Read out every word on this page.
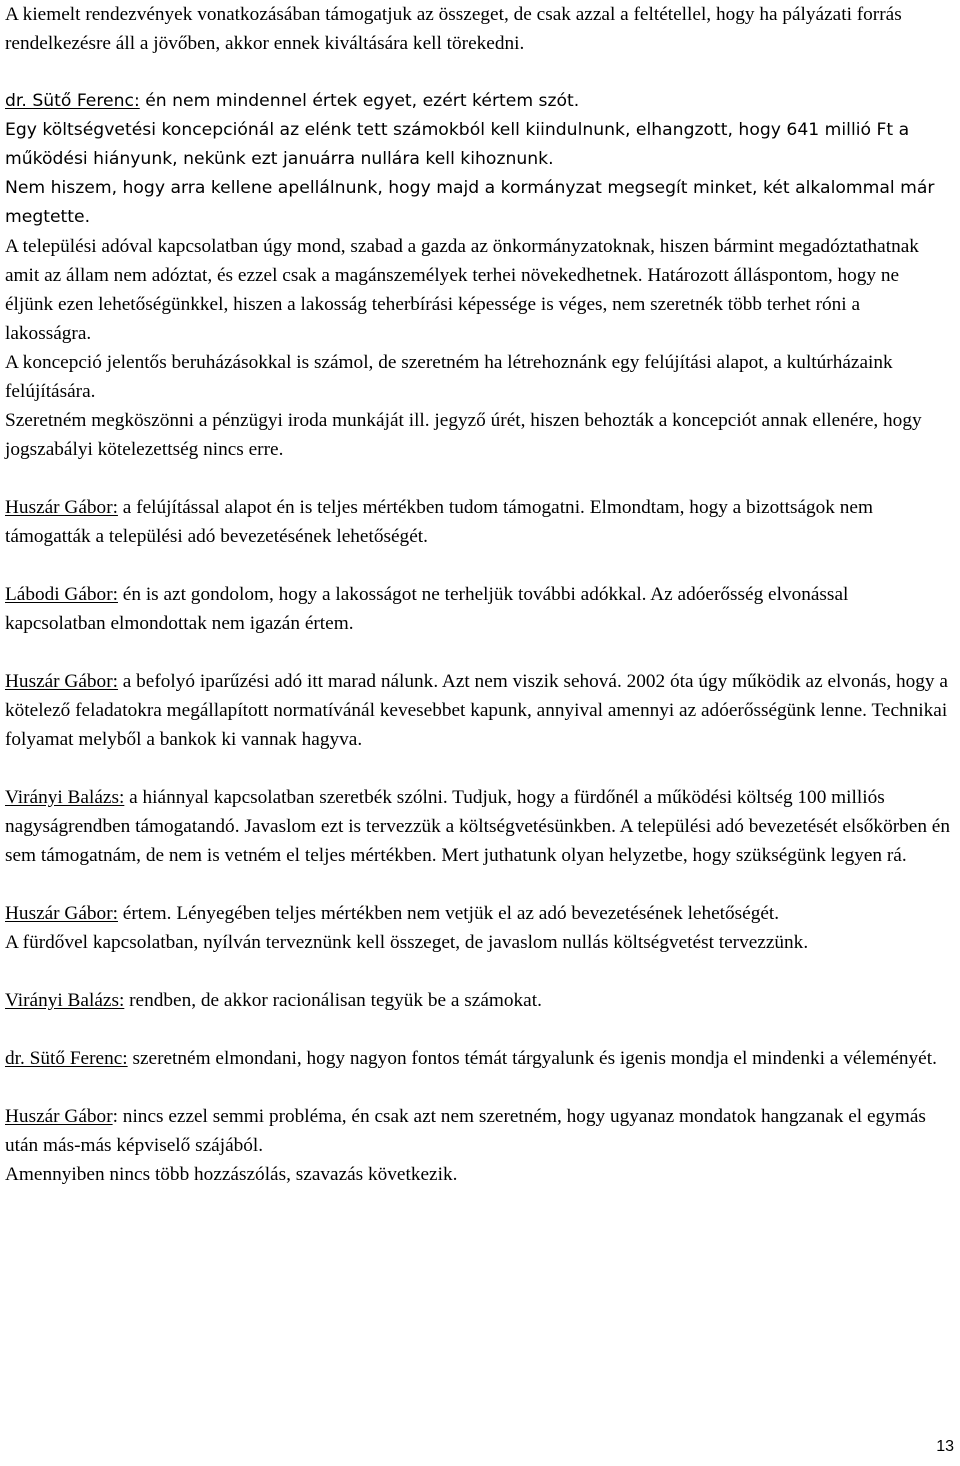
A kiemelt rendezvények vonatkozásában támogatjuk az összeget, de csak azzal a feltétellel, hogy ha pályázati forrás rendelkezésre áll a jövőben, akkor ennek kiváltására kell törekedni.

dr. Sütő Ferenc: én nem mindennel értek egyet, ezért kértem szót.

Egy költségvetési koncepciónál az elénk tett számokból kell kiindulnunk, elhangzott, hogy 641 millió Ft a működési hiányunk, nekünk ezt januárra nullára kell kihoznunk.

Nem hiszem, hogy arra kellene apellálnunk, hogy majd a kormányzat megsegít minket, két alkalommal már megtette.

A települési adóval kapcsolatban úgy mond, szabad a gazda az önkormányzatoknak, hiszen bármint megadóztathatnak amit az állam nem adóztat, és ezzel csak a magánszemélyek terhei növekedhetnek. Határozott álláspontom, hogy ne éljünk ezen lehetőségünkkel, hiszen a lakosság teherbírási képessége is véges, nem szeretnék több terhet róni a lakosságra.

A koncepció jelentős beruházásokkal is számol, de szeretném ha létrehoznánk egy felújítási alapot, a kultúrházaink felújítására.

Szeretném megköszönni a pénzügyi iroda munkáját ill. jegyző úrét, hiszen behozták a koncepciót annak ellenére, hogy jogszabályi kötelezettség nincs erre.

Huszár Gábor: a felújítással alapot én is teljes mértékben tudom támogatni. Elmondtam, hogy a bizottságok nem támogatták a települési adó bevezetésének lehetőségét.

Lábodi Gábor: én is azt gondolom, hogy a lakosságot ne terheljük további adókkal. Az adóerősség elvonással kapcsolatban elmondottak nem igazán értem.

Huszár Gábor: a befolyó iparűzési adó itt marad nálunk. Azt nem viszik sehová. 2002 óta úgy működik az elvonás, hogy a kötelező feladatokra megállapított normatívánál kevesebbet kapunk, annyival amennyi az adóerősségünk lenne. Technikai folyamat melyből a bankok ki vannak hagyva.

Virányi Balázs: a hiánnyal kapcsolatban szeretbék szólni. Tudjuk, hogy a fürdőnél a működési költség 100 milliós nagyságrendben támogatandó. Javaslom ezt is tervezzük a költségvetésünkben. A települési adó bevezetését elsőkörben én sem támogatnám, de nem is vetném el teljes mértékben. Mert juthatunk olyan helyzetbe, hogy szükségünk legyen rá.

Huszár Gábor: értem. Lényegében teljes mértékben nem vetjük el az adó bevezetésének lehetőségét.

A fürdővel kapcsolatban, nyílván terveznünk kell összeget, de javaslom nullás költségvetést tervezzünk.

Virányi Balázs: rendben, de akkor racionálisan tegyük be a számokat.

dr. Sütő Ferenc: szeretném elmondani, hogy nagyon fontos témát tárgyalunk és igenis mondja el mindenki a véleményét.

Huszár Gábor: nincs ezzel semmi probléma, én csak azt nem szeretném, hogy ugyanaz mondatok hangzanak el egymás után más-más képviselő szájából.

Amennyiben nincs több hozzászólás, szavazás következik.

13
